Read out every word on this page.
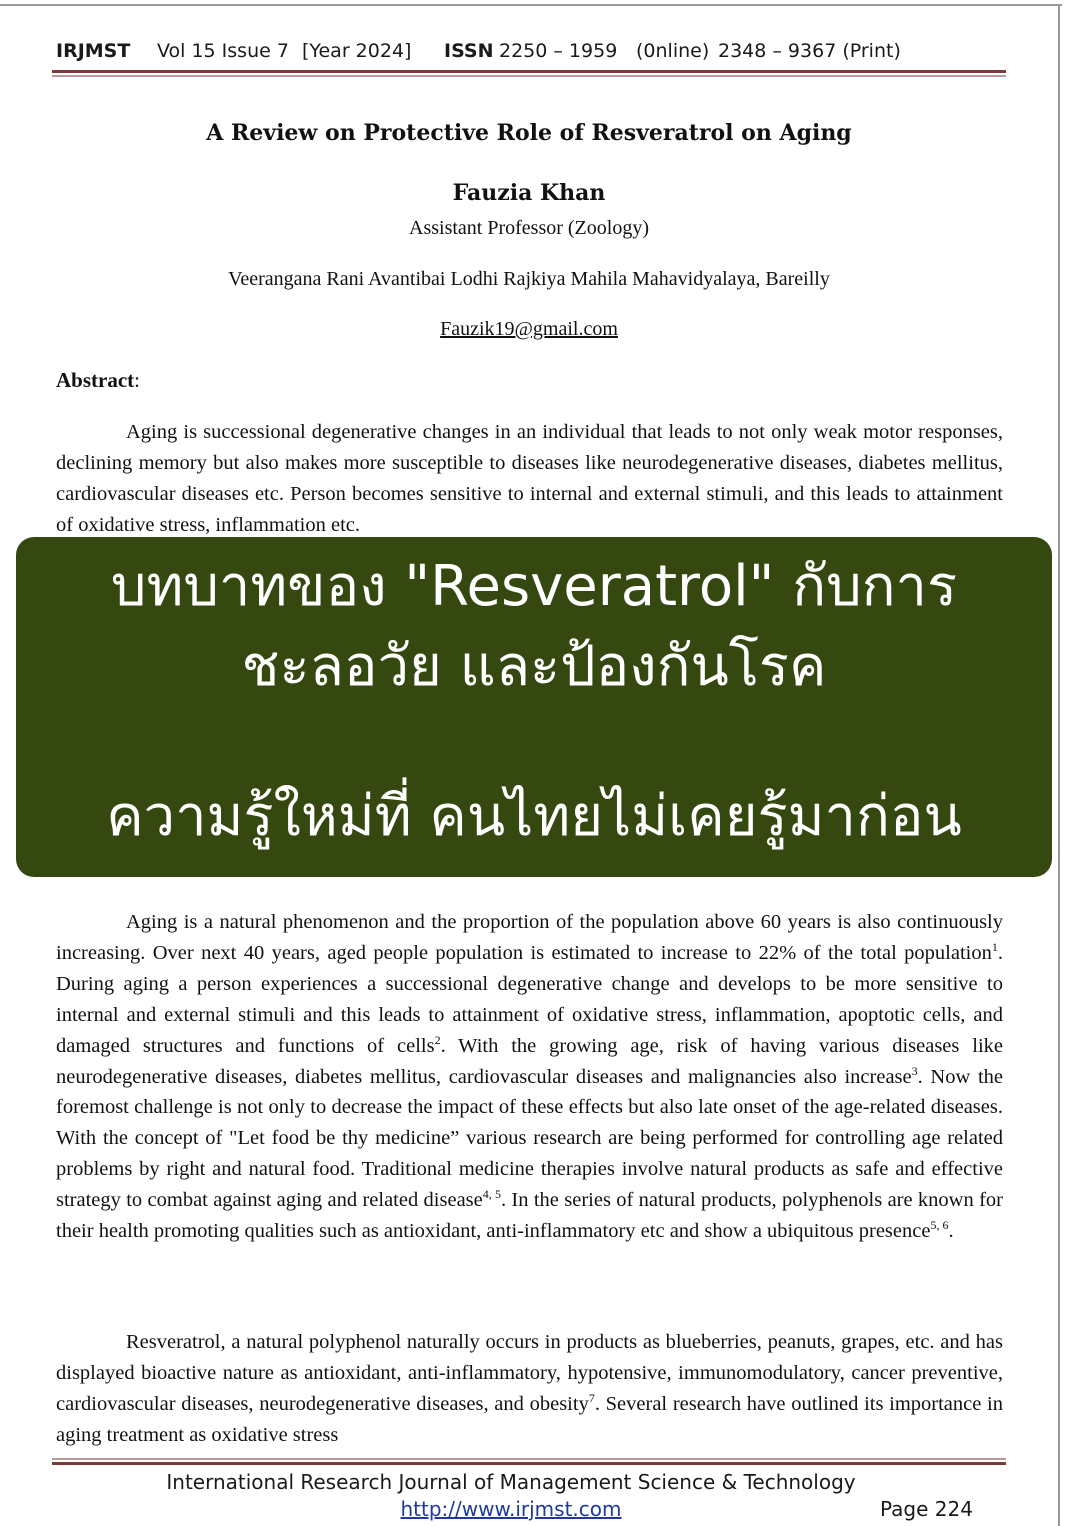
IRJMST Vol 15 Issue 7 [Year 2024] ISSN 2250 – 1959 (0nline) 2348 – 9367 (Print)
A Review on Protective Role of Resveratrol on Aging
Fauzia Khan
Assistant Professor (Zoology)
Veerangana Rani Avantibai Lodhi Rajkiya Mahila Mahavidyalaya, Bareilly
Fauzik19@gmail.com
Abstract:

Aging is successional degenerative changes in an individual that leads to not only weak motor responses, declining memory but also makes more susceptible to diseases like neurodegenerative diseases, diabetes mellitus, cardiovascular diseases etc. Person becomes sensitive to internal and external stimuli, and this leads to attainment of oxidative stress, inflammation etc.

Aging is a natural phenomenon and the proportion of the population above 60 years is also continuously increasing. Over next 40 years, aged people population is estimated to increase to 22% of the total population$^1$. During aging a person experiences a successional degenerative change and develops to be more sensitive to internal and external stimuli and this leads to attainment of oxidative stress, inflammation, apoptotic cells, and damaged structures and functions of cells$^2$. With the growing age, risk of having various diseases like neurodegenerative diseases, diabetes mellitus, cardiovascular diseases and malignancies also increase$^3$. Now the foremost challenge is not only to decrease the impact of these effects but also late onset of the age-related diseases. With the concept of "Let food be thy medicine” various research are being performed for controlling age related problems by right and natural food. Traditional medicine therapies involve natural products as safe and effective strategy to combat against aging and related disease$^{4, 5}$. In the series of natural products, polyphenols are known for their health promoting qualities such as antioxidant, anti-inflammatory etc and show a ubiquitous presence$^{5, 6}$.

Resveratrol, a natural polyphenol naturally occurs in products as blueberries, peanuts, grapes, etc. and has displayed bioactive nature as antioxidant, anti-inflammatory, hypotensive, immunomodulatory, cancer preventive, cardiovascular diseases, neurodegenerative diseases, and obesity$^7$. Several research have outlined its importance in aging treatment as oxidative stress

บทบาทของ "Resveratrol" กับการ
ชะลอวัย และป้องกันโรค
ความรู้ใหม่ที่ คนไทยไม่เคยรู้มาก่อน
International Research Journal of Management Science & Technology
http://www.irjmst.com	Page 224
